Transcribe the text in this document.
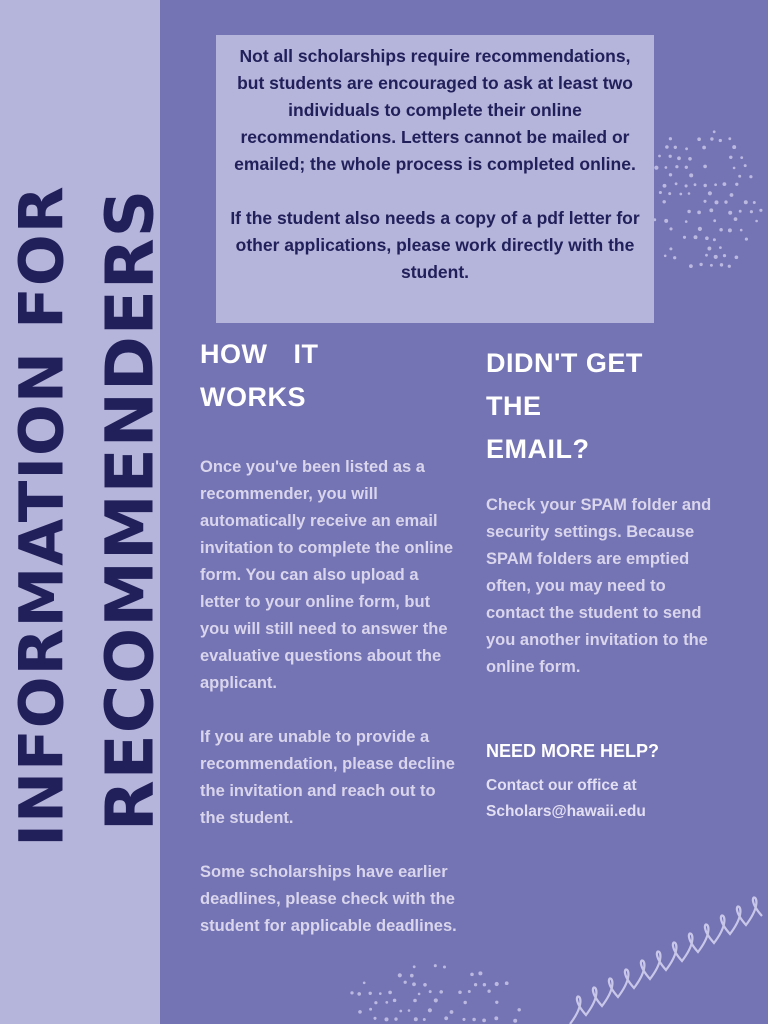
INFORMATION FOR RECOMMENDERS

Not all scholarships require recommendations, but students are encouraged to ask at least two individuals to complete their online recommendations. Letters cannot be mailed or emailed; the whole process is completed online.

If the student also needs a copy of a pdf letter for other applications, please work directly with the student.

HOW IT
WORKS

Once you've been listed as a recommender, you will automatically receive an email invitation to complete the online form. You can also upload a letter to your online form, but you will still need to answer the evaluative questions about the applicant.

If you are unable to provide a recommendation, please decline the invitation and reach out to the student.

Some scholarships have earlier deadlines, please check with the student for applicable deadlines.

DIDN'T GET
THE
EMAIL?

Check your SPAM folder and security settings. Because SPAM folders are emptied often, you may need to contact the student to send you another invitation to the online form.

NEED MORE HELP?

Contact our office at
Scholars@hawaii.edu
